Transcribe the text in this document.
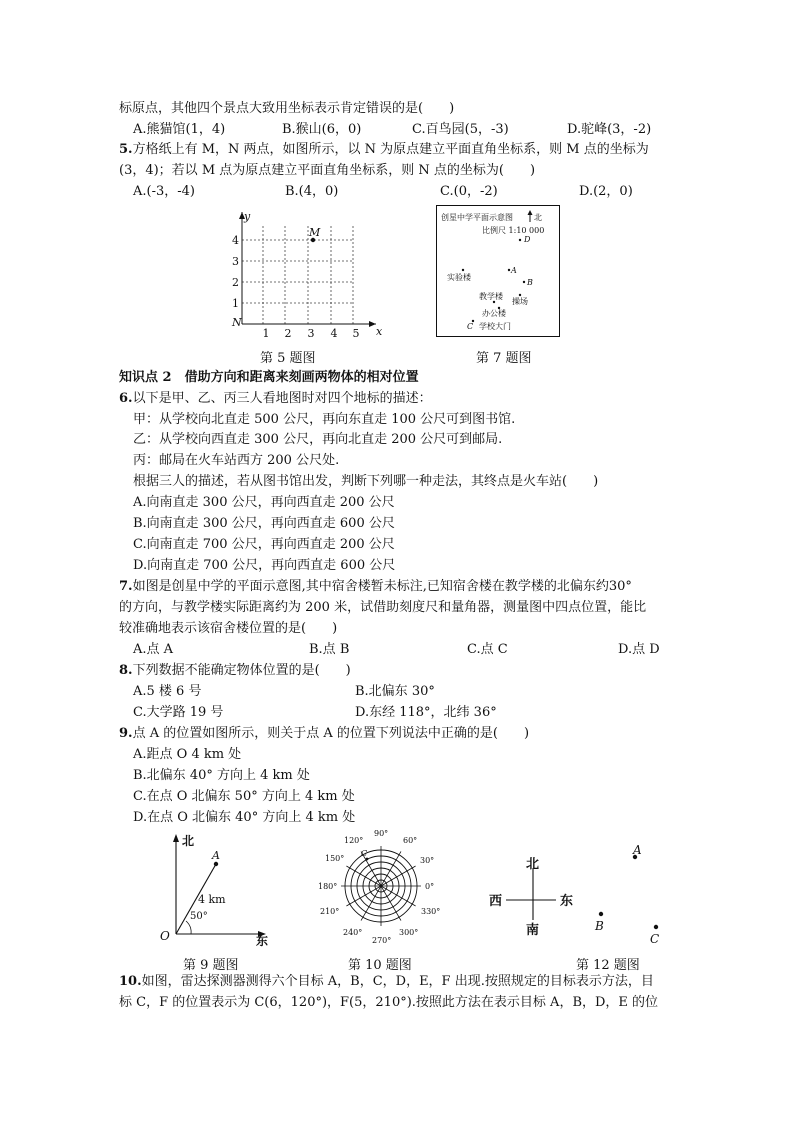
标原点，其他四个景点大致用坐标表示肯定错误的是(　　)
A.熊猫馆(1，4)	B.猴山(6，0)	C.百鸟园(5，-3)	D.驼峰(3，-2)
5.方格纸上有 M，N 两点，如图所示，以 N 为原点建立平面直角坐标系，则 M 点的坐标为
(3，4)；若以 M 点为原点建立平面直角坐标系，则 N 点的坐标为(　　)
A.(-3，-4)	B.(4，0)	C.(0，-2)	D.(2，0)
x
y
N
1 2 3 4 5
1
2
3
4
M
第 5 题图
创星中学平面示意图	北
比例尺 1:10 000
D
实验楼
A
B
教学楼
操场
办公楼
C 学校大门
第 7 题图
知识点 2　借助方向和距离来刻画两物体的相对位置
6.以下是甲、乙、丙三人看地图时对四个地标的描述：
甲：从学校向北直走 500 公尺，再向东直走 100 公尺可到图书馆.
乙：从学校向西直走 300 公尺，再向北直走 200 公尺可到邮局.
丙：邮局在火车站西方 200 公尺处.
根据三人的描述，若从图书馆出发，判断下列哪一种走法，其终点是火车站(　　)
A.向南直走 300 公尺，再向西直走 200 公尺
B.向南直走 300 公尺，再向西直走 600 公尺
C.向南直走 700 公尺，再向西直走 200 公尺
D.向南直走 700 公尺，再向西直走 600 公尺
7.如图是创星中学的平面示意图,其中宿舍楼暂未标注,已知宿舍楼在教学楼的北偏东约30°
的方向，与教学楼实际距离约为 200 米，试借助刻度尺和量角器，测量图中四点位置，能比
较准确地表示该宿舍楼位置的是(　　)
A.点 A	B.点 B	C.点 C	D.点 D
8.下列数据不能确定物体位置的是(　　)
A.5 楼 6 号	B.北偏东 30°
C.大学路 19 号	D.东经 118°，北纬 36°
9.点 A 的位置如图所示，则关于点 A 的位置下列说法中正确的是(　　)
A.距点 O 4 km 处
B.北偏东 40° 方向上 4 km 处
C.在点 O 北偏东 50° 方向上 4 km 处
D.在点 O 北偏东 40° 方向上 4 km 处
北
东
O
A
4 km
50°
第 9 题图
90°
60°
120°
150°	30°
180°	0°
210°	330°
240°
270°
300°
C
第 10 题图
北
南
西	东
A
B
C
第 12 题图
10.如图，雷达探测器测得六个目标 A，B，C，D，E，F 出现.按照规定的目标表示方法，目
标 C，F 的位置表示为 C(6，120°)，F(5，210°).按照此方法在表示目标 A，B，D，E 的位
